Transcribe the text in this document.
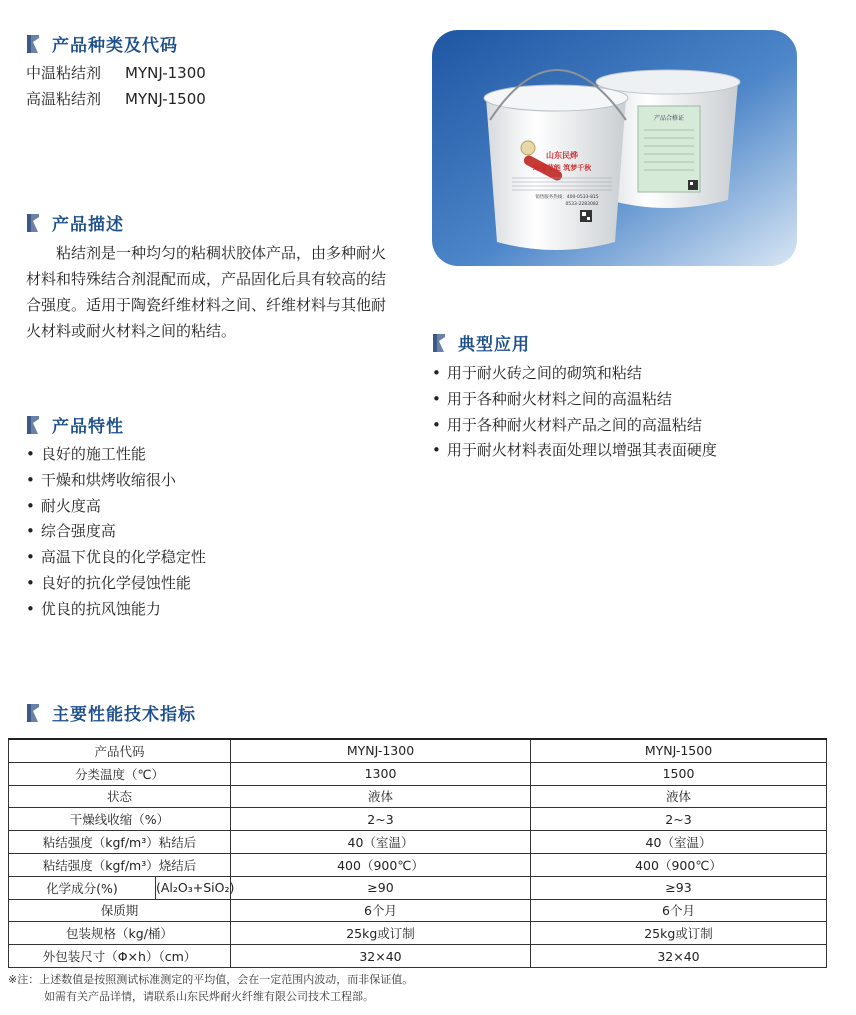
产品种类及代码
中温粘结剂 MYNJ-1300
高温粘结剂 MYNJ-1500
产品描述
粘结剂是一种均匀的粘稠状胶体产品，由多种耐火材料和特殊结合剂混配而成，产品固化后具有较高的结合强度。适用于陶瓷纤维材料之间、纤维材料与其他耐火材料或耐火材料之间的粘结。
产品特性
• 良好的施工性能
• 干燥和烘烤收缩很小
• 耐火度高
• 综合强度高
• 高温下优良的化学稳定性
• 良好的抗化学侵蚀性能
• 优良的抗风蚀能力
产品合格证
山东民烨
环保节能 筑梦千秋
销售服务热线：400-0533-815
0533-2283082
典型应用
• 用于耐火砖之间的砌筑和粘结
• 用于各种耐火材料之间的高温粘结
• 用于各种耐火材料产品之间的高温粘结
• 用于耐火材料表面处理以增强其表面硬度
主要性能技术指标
产品代码	MYNJ-1300	MYNJ-1500
分类温度（℃）	1300	1500
状态	液体	液体
干燥线收缩（%）	2~3	2~3
粘结强度（kgf/m³）粘结后	40（室温）	40（室温）
粘结强度（kgf/m³）烧结后	400（900℃）	400（900℃）

化学成分(%) (Al₂O₃+SiO₂)	≥90	≥93
保质期	6个月	6个月
包装规格（kg/桶）	25kg或订制	25kg或订制
外包装尺寸（Φ×h）（cm）	32×40	32×40
※注：上述数值是按照测试标准测定的平均值，会在一定范围内波动，而非保证值。
如需有关产品详情，请联系山东民烨耐火纤维有限公司技术工程部。
